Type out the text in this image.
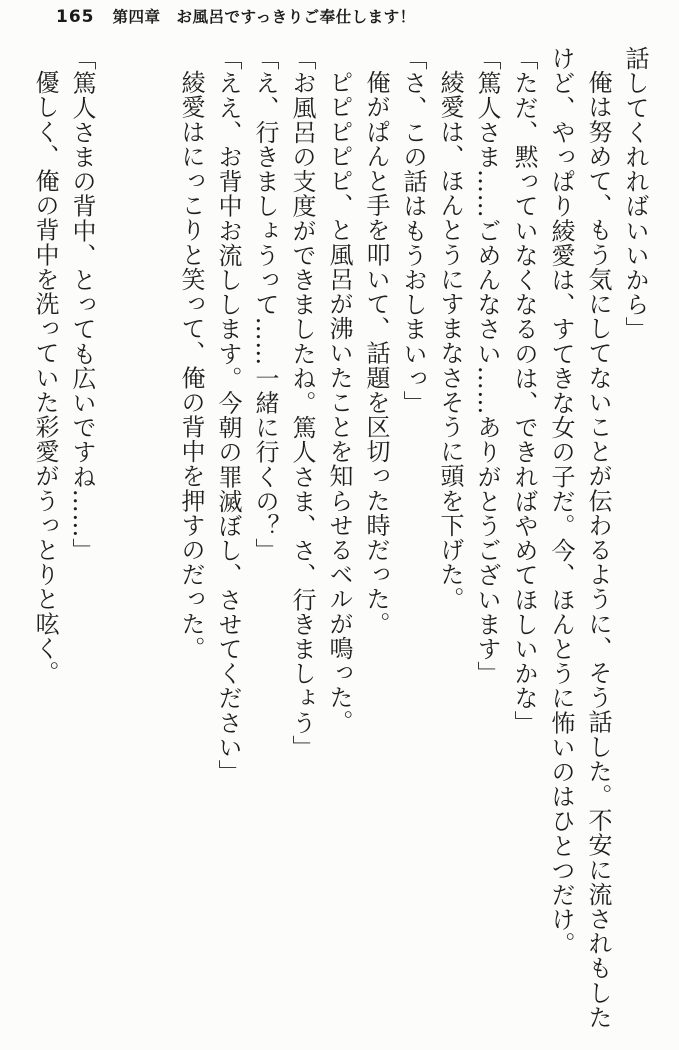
165 第四章　お風呂ですっきりご奉仕します！
話してくれればいいから」
俺は努めて、もう気にしてないことが伝わるように、そう話した。不安に流されもした
けど、やっぱり綾愛は、すてきな女の子だ。今、ほんとうに怖いのはひとつだけ。
「ただ、黙っていなくなるのは、できればやめてほしいかな」
「篤人さま……ごめんなさい……ありがとうございます」
綾愛は、ほんとうにすまなさそうに頭を下げた。
「さ、この話はもうおしまいっ」
俺がぱんと手を叩いて、話題を区切った時だった。
ピピピピピ、と風呂が沸いたことを知らせるベルが鳴った。
「お風呂の支度ができましたね。篤人さま、さ、行きましょう」
「え、行きましょうって……一緒に行くの？」
「ええ、お背中お流しします。今朝の罪滅ぼし、させてください」
綾愛はにっこりと笑って、俺の背中を押すのだった。
「篤人さまの背中、とっても広いですね……」
優しく、俺の背中を洗っていた彩愛がうっとりと呟く。
